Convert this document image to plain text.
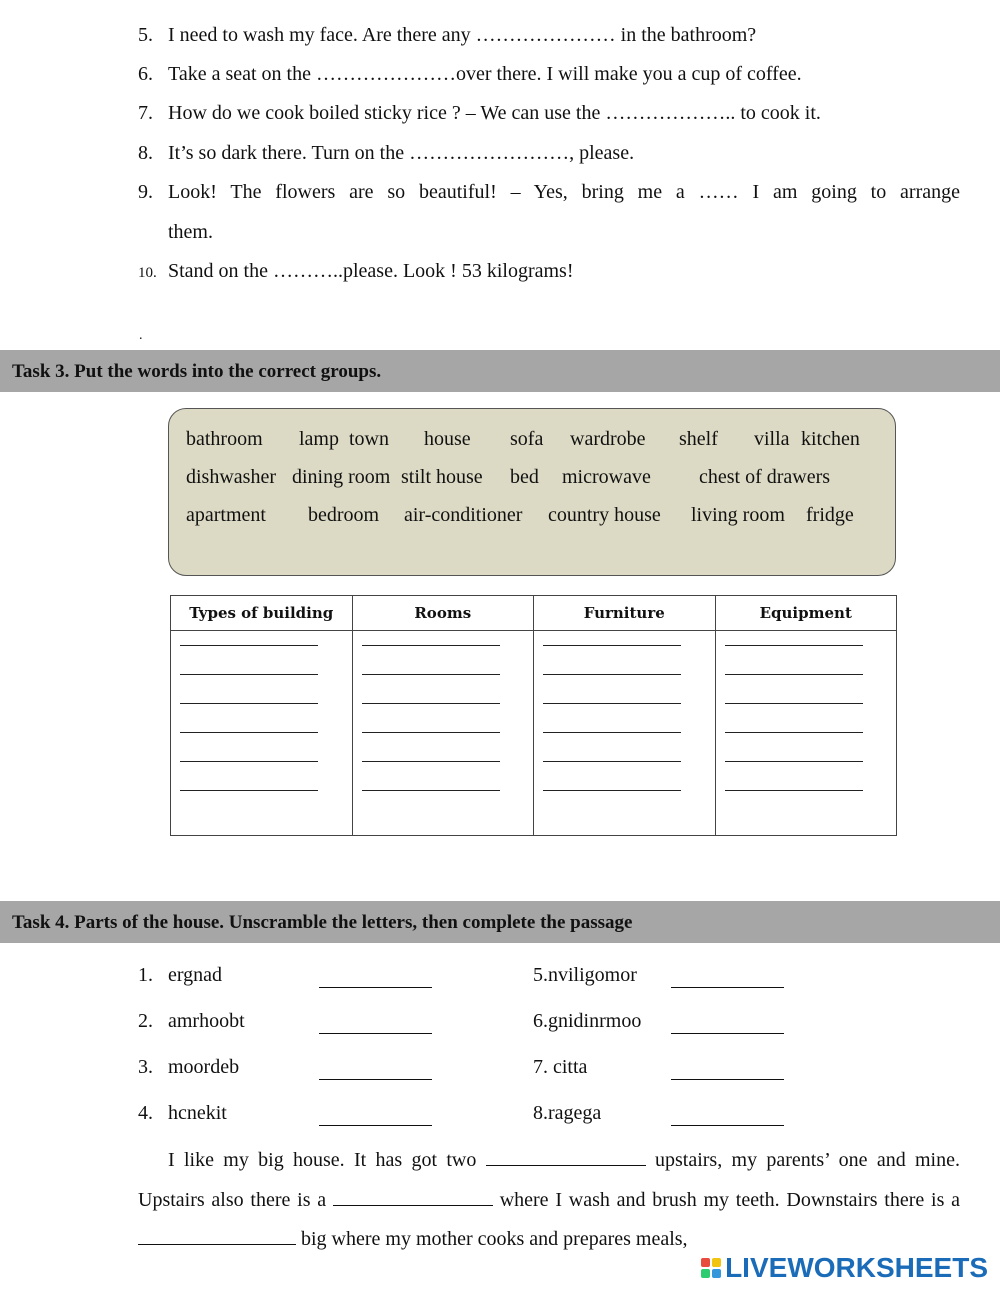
5. I need to wash my face. Are there any ………………… in the bathroom?
6. Take a seat on the …………………over there. I will make you a cup of coffee.
7. How do we cook boiled sticky rice ? – We can use the ……………….. to cook it.
8. It’s so dark there. Turn on the ……………………, please.
9. Look! The flowers are so beautiful! – Yes, bring me a …… I am going to arrange
them.
10. Stand on the ………..please. Look ! 53 kilograms!
.
Task 3. Put the words into the correct groups.
bathroom lamp town house sofa wardrobe shelf villa kitchen
dishwasher dining room stilt house bed microwave chest of drawers
apartment bedroom air-conditioner country house living room fridge
Types of building	Rooms	Furniture	Equipment

Task 4. Parts of the house. Unscramble the letters, then complete the passage
1. ergnad
2. amrhoobt
3. moordeb
4. hcnekit
5.nviligomor
6.gnidinrmoo
7. citta
8.ragega
I like my big house. It has got two	upstairs, my parents’ one and mine. Upstairs also there is a	where I wash and brush my teeth. Downstairs there is a  big where my mother cooks and prepares meals,
LIVEWORKSHEETS
